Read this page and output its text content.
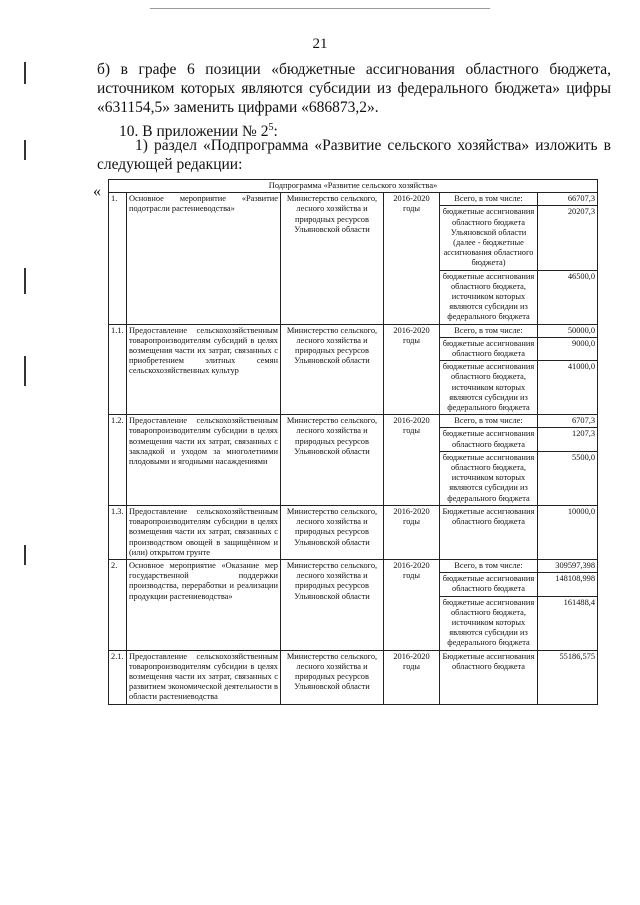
21
б) в графе 6 позиции «бюджетные ассигнования областного бюджета, источником которых являются субсидии из федерального бюджета» цифры «631154,5» заменить цифрами «686873,2».
10. В приложении № $2^5$:
1) раздел «Подпрограмма «Развитие сельского хозяйства» изложить в следующей редакции:
«	Подпрограмма «Развитие сельского хозяйства»					
1.	Основное мероприятие «Развитие подотрасли растениеводства»	Министерство сельского, лесного хозяйства и природных ресурсов Ульяновской области	2016-2020 годы	Всего, в том числе:	66707,3
				бюджетные ассигнования областного бюджета Ульяновской области (далее - бюджетные ассигнования областного бюджета)	20207,3
				бюджетные ассигнования областного бюджета, источником которых являются субсидии из федерального бюджета	46500,0
1.1.	Предоставление сельскохозяйственным товаропроизводителям субсидий в целях возмещения части их затрат, связанных с приобретением элитных семян сельскохозяйственных культур	Министерство сельского, лесного хозяйства и природных ресурсов Ульяновской области	2016-2020 годы	Всего, в том числе:	50000,0
				бюджетные ассигнования областного бюджета	9000,0
				бюджетные ассигнования областного бюджета, источником которых являются субсидии из федерального бюджета	41000,0
1.2.	Предоставление сельскохозяйственным товаропроизводителям субсидии в целях возмещения части их затрат, связанных с закладкой и уходом за многолетними плодовыми и ягодными насаждениями	Министерство сельского, лесного хозяйства и природных ресурсов Ульяновской области	2016-2020 годы	Всего, в том числе:	6707,3
				бюджетные ассигнования областного бюджета	1207,3
				бюджетные ассигнования областного бюджета, источником которых являются субсидии из федерального бюджета	5500,0
1.3.	Предоставление сельскохозяйственным товаропроизводителям субсидии в целях возмещения части их затрат, связанных с производством овощей в защищённом и (или) открытом грунте	Министерство сельского, лесного хозяйства и природных ресурсов Ульяновской области	2016-2020 годы	Бюджетные ассигнования областного бюджета	10000,0
2.	Основное мероприятие «Оказание мер государственной поддержки производства, переработки и реализации продукции растениеводства»	Министерство сельского, лесного хозяйства и природных ресурсов Ульяновской области	2016-2020 годы	Всего, в том числе:	309597,398
				бюджетные ассигнования областного бюджета	148108,998
				бюджетные ассигнования областного бюджета, источником которых являются субсидии из федерального бюджета	161488,4
2.1.	Предоставление сельскохозяйственным товаропроизводителям субсидии в целях возмещения части их затрат, связанных с развитием экономической деятельности в области растениеводства	Министерство сельского, лесного хозяйства и природных ресурсов Ульяновской области	2016-2020 годы	Бюджетные ассигнования областного бюджета	55186,575
